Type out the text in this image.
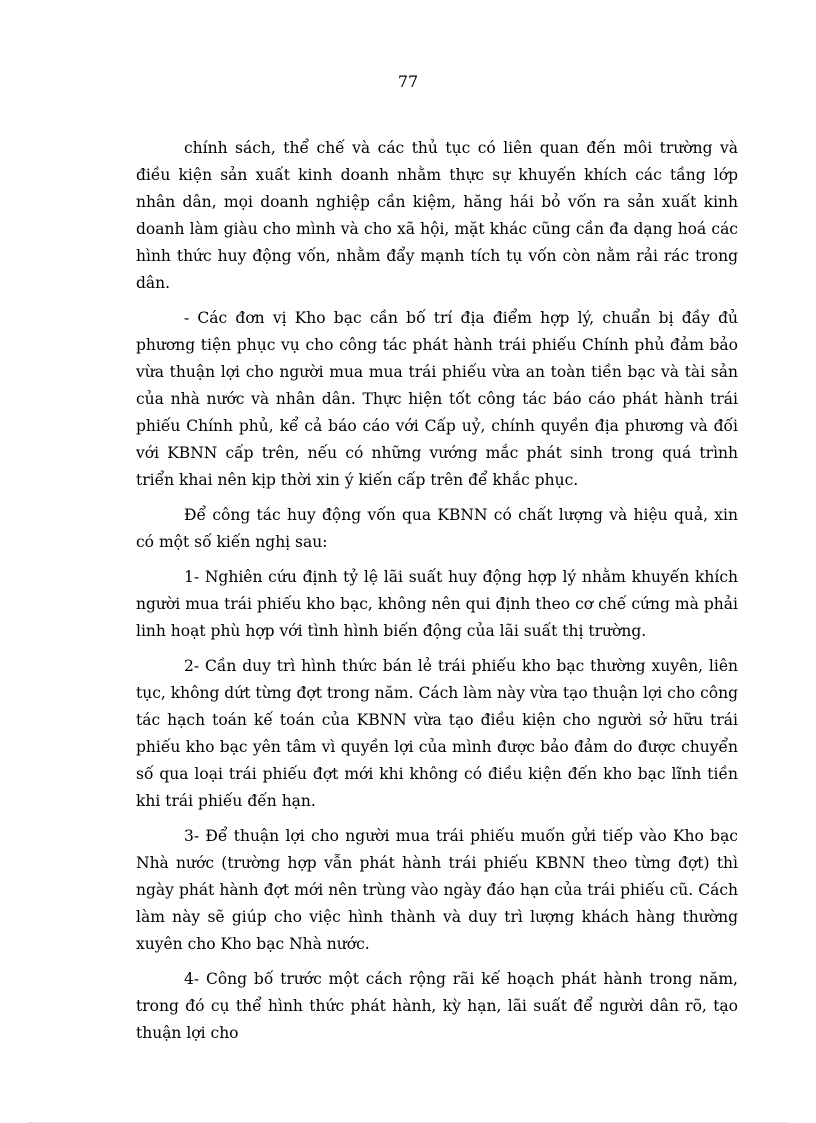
77

chính sách, thể chế và các thủ tục có liên quan đến môi trường và điều kiện sản xuất kinh doanh nhằm thực sự khuyến khích các tầng lớp nhân dân, mọi doanh nghiệp cần kiệm, hăng hái bỏ vốn ra sản xuất kinh doanh làm giàu cho mình và cho xã hội, mặt khác cũng cần đa dạng hoá các hình thức huy động vốn, nhằm đẩy mạnh tích tụ vốn còn nằm rải rác trong dân.

- Các đơn vị Kho bạc cần bố trí địa điểm hợp lý, chuẩn bị đầy đủ phương tiện phục vụ cho công tác phát hành trái phiếu Chính phủ đảm bảo vừa thuận lợi cho người mua mua trái phiếu vừa an toàn tiền bạc và tài sản của nhà nước và nhân dân. Thực hiện tốt công tác báo cáo phát hành trái phiếu Chính phủ, kể cả báo cáo với Cấp uỷ, chính quyền địa phương và đối với KBNN cấp trên, nếu có những vướng mắc phát sinh trong quá trình triển khai nên kịp thời xin ý kiến cấp trên để khắc phục.

Để công tác huy động vốn qua KBNN có chất lượng và hiệu quả, xin có một số kiến nghị sau:

1- Nghiên cứu định tỷ lệ lãi suất huy động hợp lý nhằm khuyến khích người mua trái phiếu kho bạc, không nên qui định theo cơ chế cứng mà phải linh hoạt phù hợp với tình hình biến động của lãi suất thị trường.

2- Cần duy trì hình thức bán lẻ trái phiếu kho bạc thường xuyên, liên tục, không dứt từng đợt trong năm. Cách làm này vừa tạo thuận lợi cho công tác hạch toán kế toán của KBNN vừa tạo điều kiện cho người sở hữu trái phiếu kho bạc yên tâm vì quyền lợi của mình được bảo đảm do được chuyển số qua loại trái phiếu đợt mới khi không có điều kiện đến kho bạc lĩnh tiền khi trái phiếu đến hạn.

3- Để thuận lợi cho người mua trái phiếu muốn gửi tiếp vào Kho bạc Nhà nước (trường hợp vẫn phát hành trái phiếu KBNN theo từng đợt) thì ngày phát hành đợt mới nên trùng vào ngày đáo hạn của trái phiếu cũ. Cách làm này sẽ giúp cho việc hình thành và duy trì lượng khách hàng thường xuyên cho Kho bạc Nhà nước.

4- Công bố trước một cách rộng rãi kế hoạch phát hành trong năm, trong đó cụ thể hình thức phát hành, kỳ hạn, lãi suất để người dân rõ, tạo thuận lợi cho
